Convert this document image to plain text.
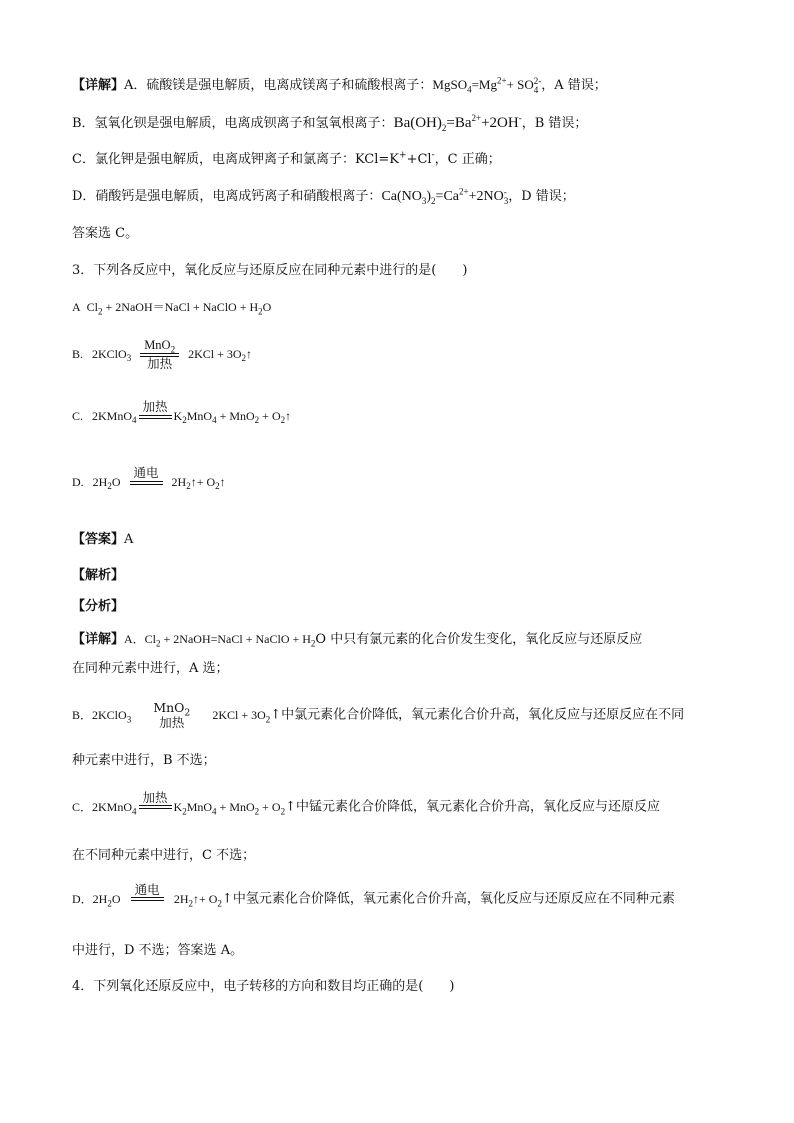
【详解】A．硫酸镁是强电解质，电离成镁离子和硫酸根离子：$MgSO_4=Mg^{2+}+$ SO 2-
4 ，A 错误；
B．氢氧化钡是强电解质，电离成钡离子和氢氧根离子：$Ba(OH)_2=Ba^{2+}+2OH^-$，B 错误；
C．氯化钾是强电解质，电离成钾离子和氯离子：KCl=K++Cl-，C 正确；
D．硝酸钙是强电解质，电离成钙离子和硝酸根离子：$Ca(NO_3)_2=Ca^{2+}+2NO$ -
3 ，D 错误；
答案选 C。
3．下列各反应中，氧化反应与还原反应在同种元素中进行的是(　　)
A $Cl_2$ + 2NaOH＝NaCl + NaClO + $H_2O$
B. 2KClO$_3$
MnO$_2$
加热
$2KCl + 3O_2↑$
C. 2KMnO$_4$
加热
$K_2MnO_4 + MnO_2$ + $O_2↑$
D. $2H_2O$
通电
$2H_2↑+$ $O_2↑$
【答案】A
【解析】
【分析】
【详解】A．$Cl_2$ + 2NaOH=NaCl + NaClO + $H_2O$ 中只有氯元素的化合价发生变化，氧化反应与还原反应
在同种元素中进行，A 选；
B．2KClO$_3$
MnO$_2$
加热
$2KCl + 3O_2↑$中氯元素化合价降低，氧元素化合价升高，氧化反应与还原反应在不同
种元素中进行，B 不选；
C．2KMnO$_4$
加热
$K_2MnO_4 + MnO_2$ + $O_2↑$中锰元素化合价降低，氧元素化合价升高，氧化反应与还原反应
在不同种元素中进行，C 不选；
D．$2H_2O$
通电
$2H_2↑+$ $O_2↑$中氢元素化合价降低，氧元素化合价升高，氧化反应与还原反应在不同种元素
中进行，D 不选；答案选 A。
4．下列氧化还原反应中，电子转移的方向和数目均正确的是(　　)
